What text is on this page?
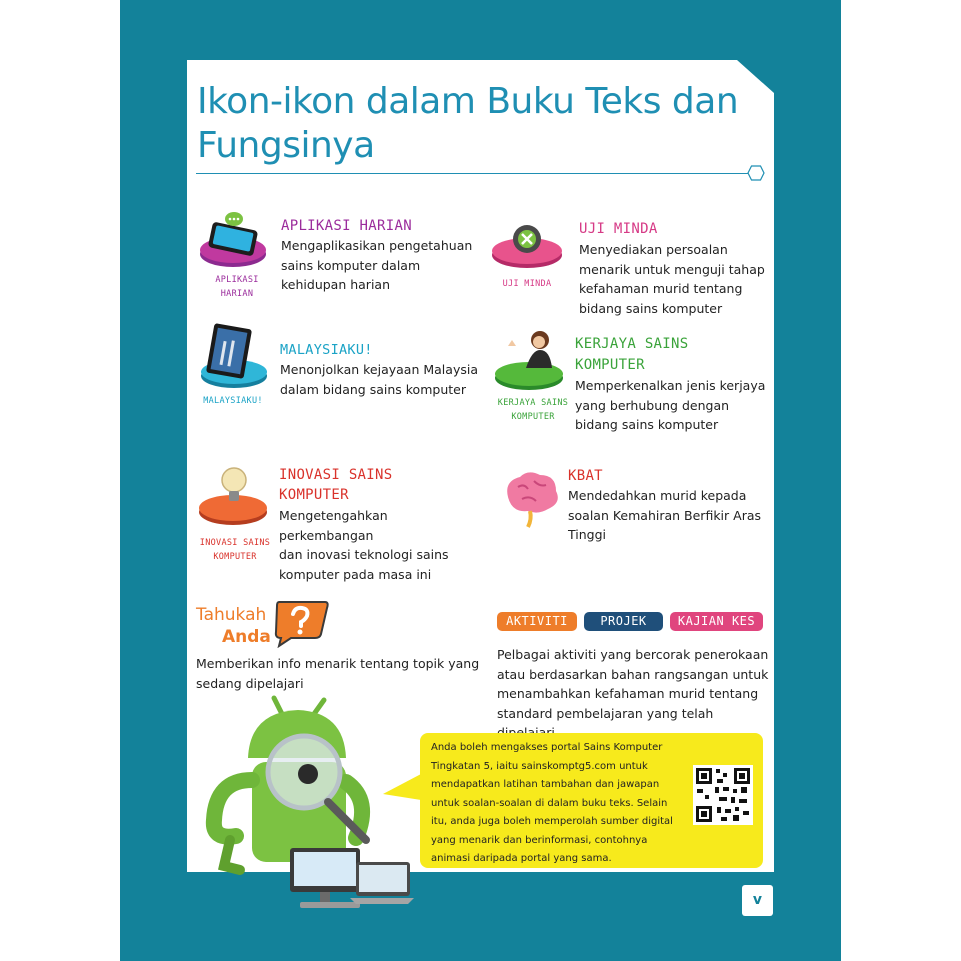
Ikon-ikon dalam Buku Teks dan
Fungsinya
APLIKASI
HARIAN
APLIKASI HARIAN
Mengaplikasikan pengetahuan
sains komputer dalam
kehidupan harian	UJI MINDA
UJI MINDA
Menyediakan persoalan
menarik untuk menguji tahap
kefahaman murid tentang
bidang sains komputer
MALAYSIAKU!
MALAYSIAKU!
Menonjolkan kejayaan Malaysia
dalam bidang sains komputer
KERJAYA SAINS
KOMPUTER
KERJAYA SAINS
KOMPUTER
Memperkenalkan jenis kerjaya
yang berhubung dengan
bidang sains komputer
INOVASI SAINS
KOMPUTER
INOVASI SAINS
KOMPUTER
Mengetengahkan perkembangan
dan inovasi teknologi sains
komputer pada masa ini
KBAT
Mendedahkan murid kepada
soalan Kemahiran Berfikir Aras
Tinggi
Tahukah
Anda
Memberikan info menarik tentang topik yang
sedang dipelajari
AKTIVITI	PROJEK	KAJIAN KES
Pelbagai aktiviti yang bercorak penerokaan
atau berdasarkan bahan rangsangan untuk
menambahkan kefahaman murid tentang
standard pembelajaran yang telah
Anda boleh mengakses portal Sains Komputer
Tingkatan 5, iaitu sainskomptg5.com untuk
mendapatkan latihan tambahan dan jawapan
untuk soalan-soalan di dalam buku teks. Selain
itu, anda juga boleh memperolah sumber digital
yang menarik dan berinformasi, contohnya
animasi daripada portal yang sama.
v
